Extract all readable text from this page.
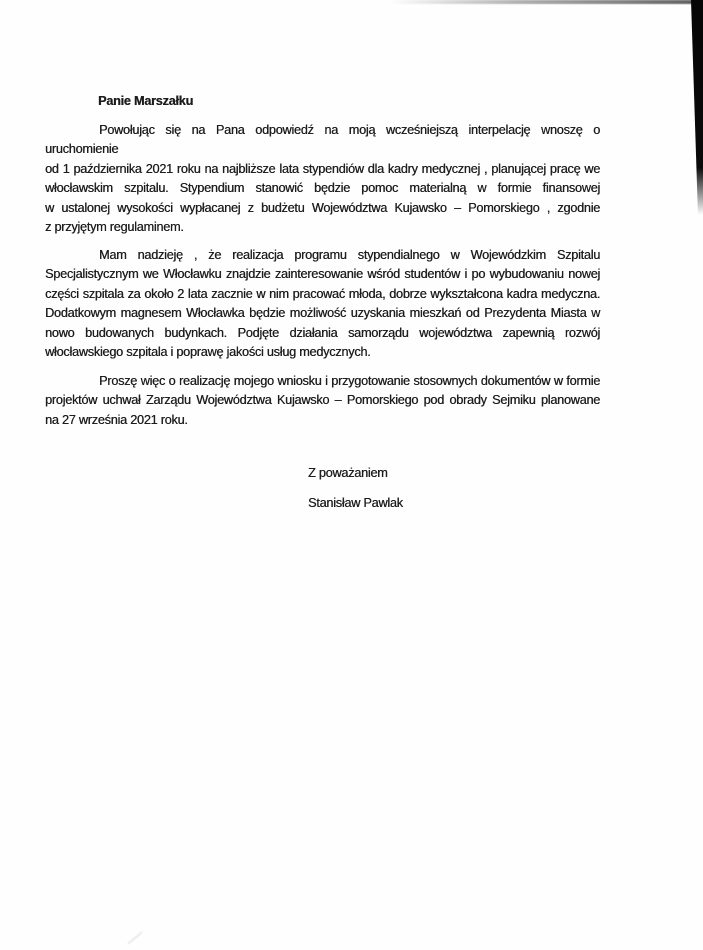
Panie Marszałku
Powołując się na Pana odpowiedź na moją wcześniejszą interpelację wnoszę o uruchomienie
od 1 października 2021 roku na najbliższe lata stypendiów dla kadry medycznej , planującej pracę we
włocławskim szpitalu. Stypendium stanowić będzie pomoc materialną w formie finansowej
w ustalonej wysokości wypłacanej z budżetu Województwa Kujawsko – Pomorskiego , zgodnie
z przyjętym regulaminem.
Mam nadzieję , że realizacja programu stypendialnego w Wojewódzkim Szpitalu
Specjalistycznym we Włocławku znajdzie zainteresowanie wśród studentów i po wybudowaniu nowej
części szpitala za około 2 lata zacznie w nim pracować młoda, dobrze wykształcona kadra medyczna.
Dodatkowym magnesem Włocławka będzie możliwość uzyskania mieszkań od Prezydenta Miasta w
nowo budowanych budynkach. Podjęte działania samorządu województwa zapewnią rozwój
włocławskiego szpitala i poprawę jakości usług medycznych.
Proszę więc o realizację mojego wniosku i przygotowanie stosownych dokumentów w formie
projektów uchwał Zarządu Województwa Kujawsko – Pomorskiego pod obrady Sejmiku planowane
na 27 września 2021 roku.
Z poważaniem
Stanisław Pawlak
